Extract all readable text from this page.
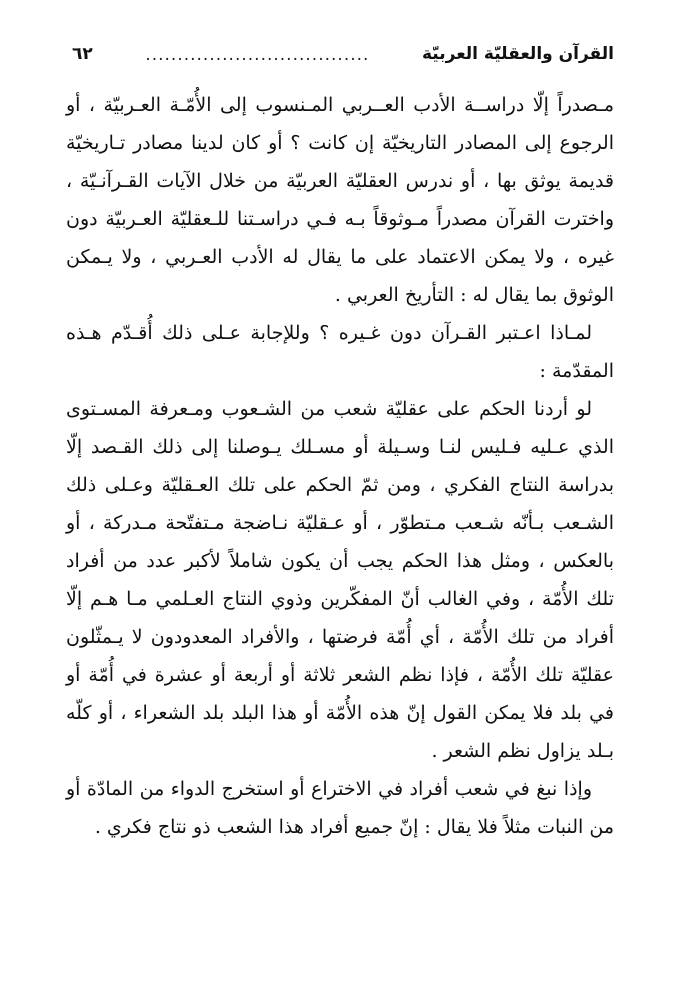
القرآن والعقليّة العربيّة
...................................
٦٢

مـصدراً إلّا دراســة الأدب العــربي المـنسوب إلى الأُمّـة العـربيّة ، أو الرجوع إلى المصادر التاريخيّة إن كانت ؟ أو كان لدينا مصادر تـاريخيّة قديمة يوثق بها ، أو ندرس العقليّة العربيّة من خلال الآيات القـرآنـيّة ، واخترت القرآن مصدراً مـوثوقاً بـه فـي دراسـتنا للـعقليّة العـربيّة دون غيره ، ولا يمكن الاعتماد على ما يقال له الأدب العـربي ، ولا يـمكن الوثوق بما يقال له : التأريخ العربي .

لمـاذا اعـتبر القـرآن دون غـيره ؟ وللإجابة عـلى ذلك أُقـدّم هـذه المقدّمة :

لو أردنا الحكم على عقليّة شعب من الشـعوب ومـعرفة المسـتوى الذي عـليه فـليس لنـا وسـيلة أو مسـلك يـوصلنا إلى ذلك القـصد إلّا بدراسة النتاج الفكري ، ومن ثمّ الحكم على تلك العـقليّة وعـلى ذلك الشـعب بـأنّه شـعب مـتطوّر ، أو عـقليّة نـاضجة مـتفتّحة مـدركة ، أو بالعكس ، ومثل هذا الحكم يجب أن يكون شاملاً لأكبر عدد من أفراد تلك الأُمّة ، وفي الغالب أنّ المفكّرين وذوي النتاج العـلمي مـا هـم إلّا أفراد من تلك الأُمّة ، أي أُمّة فرضتها ، والأفراد المعدودون لا يـمثّلون عقليّة تلك الأُمّة ، فإذا نظم الشعر ثلاثة أو أربعة أو عشرة في أُمّة أو في بلد فلا يمكن القول إنّ هذه الأُمّة أو هذا البلد بلد الشعراء ، أو كلّه بـلد يزاول نظم الشعر .

وإذا نبغ في شعب أفراد في الاختراع أو استخرج الدواء من المادّة أو من النبات مثلاً فلا يقال : إنّ جميع أفراد هذا الشعب ذو نتاج فكري .
